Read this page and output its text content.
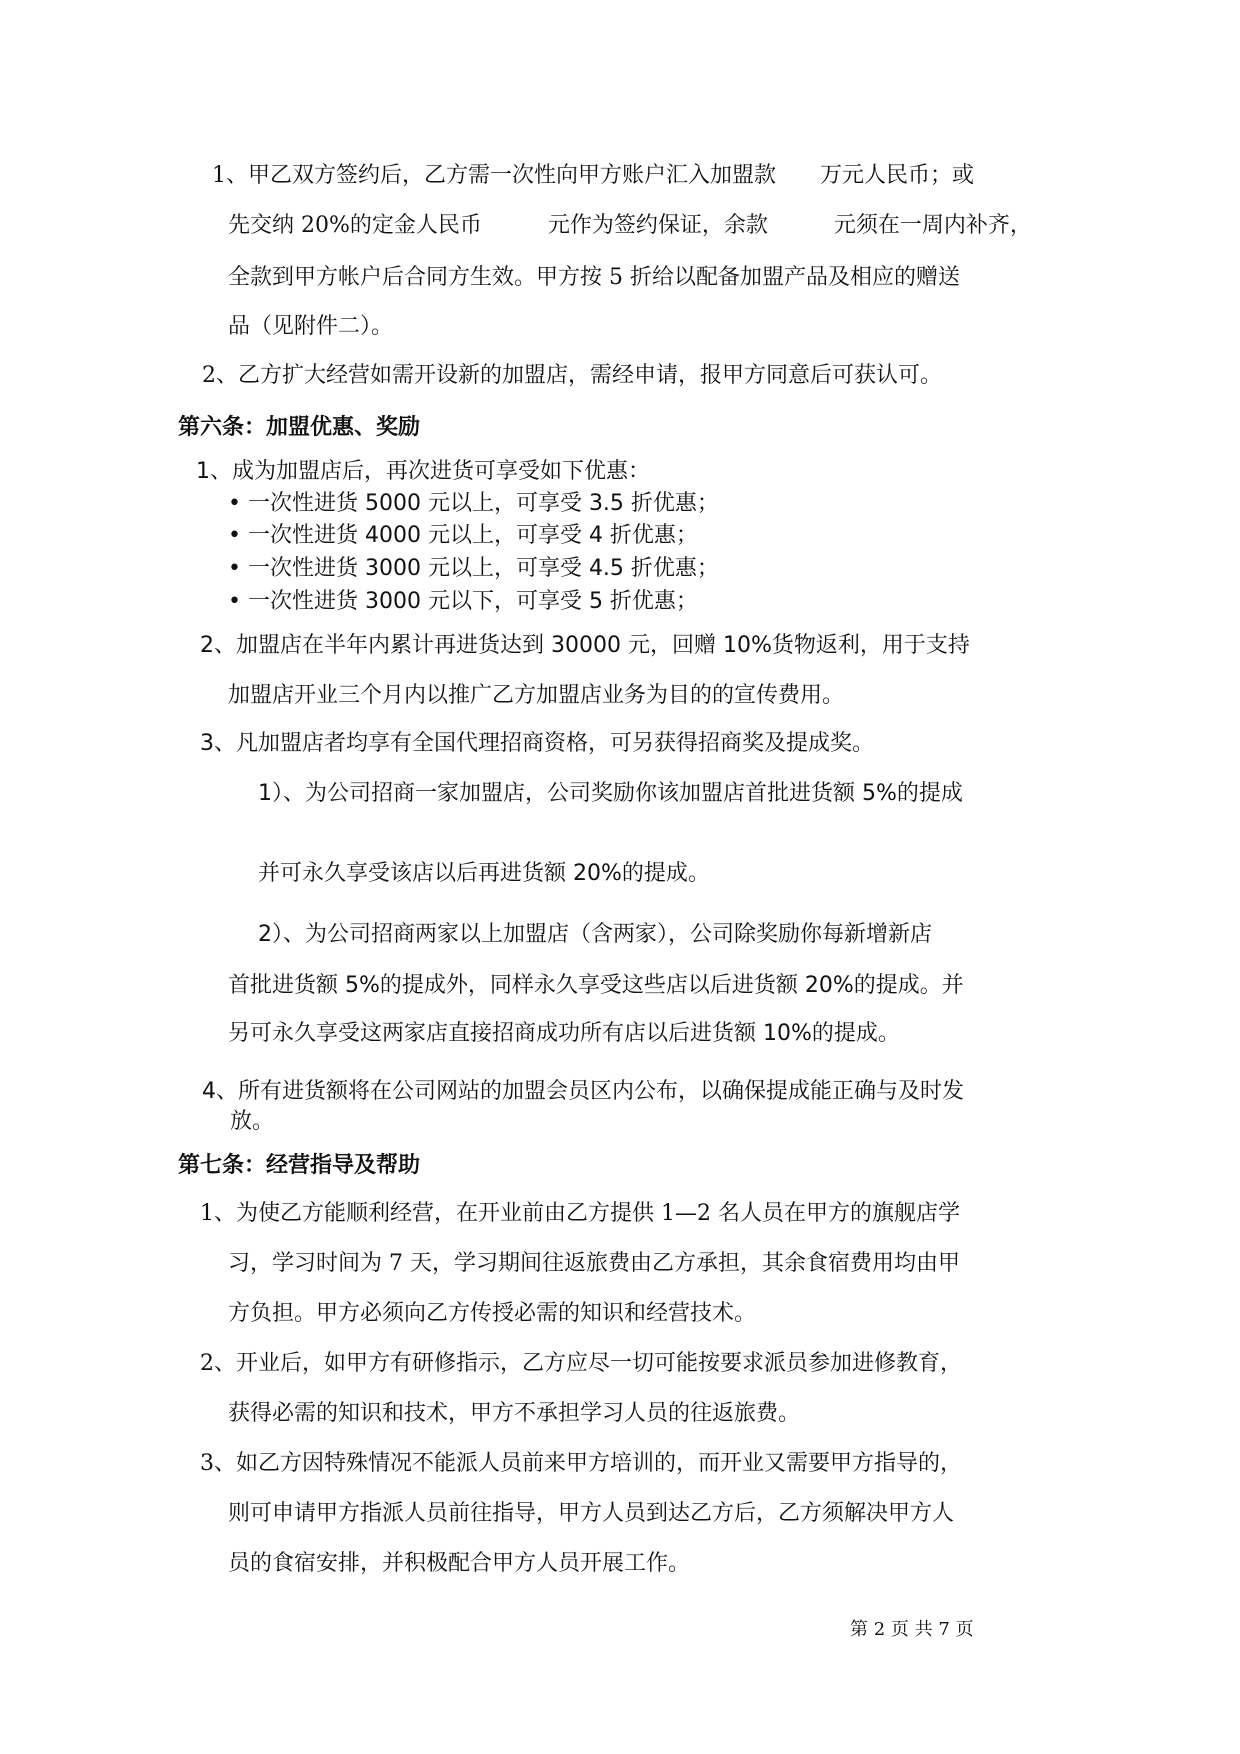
1、甲乙双方签约后，乙方需一次性向甲方账户汇入加盟款　　万元人民币；或
先交纳 20%的定金人民币　　　元作为签约保证，余款　　　元须在一周内补齐，
全款到甲方帐户后合同方生效。甲方按 5 折给以配备加盟产品及相应的赠送
品（见附件二）。
2、乙方扩大经营如需开设新的加盟店，需经申请，报甲方同意后可获认可。
第六条：加盟优惠、奖励
1、成为加盟店后，再次进货可享受如下优惠：
• 一次性进货 5000 元以上，可享受 3.5 折优惠；
• 一次性进货 4000 元以上，可享受 4 折优惠；
• 一次性进货 3000 元以上，可享受 4.5 折优惠；
• 一次性进货 3000 元以下，可享受 5 折优惠；
2、加盟店在半年内累计再进货达到 30000 元，回赠 10%货物返利，用于支持
加盟店开业三个月内以推广乙方加盟店业务为目的的宣传费用。
3、凡加盟店者均享有全国代理招商资格，可另获得招商奖及提成奖。
1）、为公司招商一家加盟店，公司奖励你该加盟店首批进货额 5%的提成
并可永久享受该店以后再进货额 20%的提成。
2）、为公司招商两家以上加盟店（含两家），公司除奖励你每新增新店
首批进货额 5%的提成外，同样永久享受这些店以后进货额 20%的提成。并
另可永久享受这两家店直接招商成功所有店以后进货额 10%的提成。
4、所有进货额将在公司网站的加盟会员区内公布，以确保提成能正确与及时发
放。
第七条：经营指导及帮助
1、为使乙方能顺利经营，在开业前由乙方提供 1—2 名人员在甲方的旗舰店学
习，学习时间为 7 天，学习期间往返旅费由乙方承担，其余食宿费用均由甲
方负担。甲方必须向乙方传授必需的知识和经营技术。
2、开业后，如甲方有研修指示，乙方应尽一切可能按要求派员参加进修教育，
获得必需的知识和技术，甲方不承担学习人员的往返旅费。
3、如乙方因特殊情况不能派人员前来甲方培训的，而开业又需要甲方指导的，
则可申请甲方指派人员前往指导，甲方人员到达乙方后，乙方须解决甲方人
员的食宿安排，并积极配合甲方人员开展工作。
第 2 页 共 7 页
